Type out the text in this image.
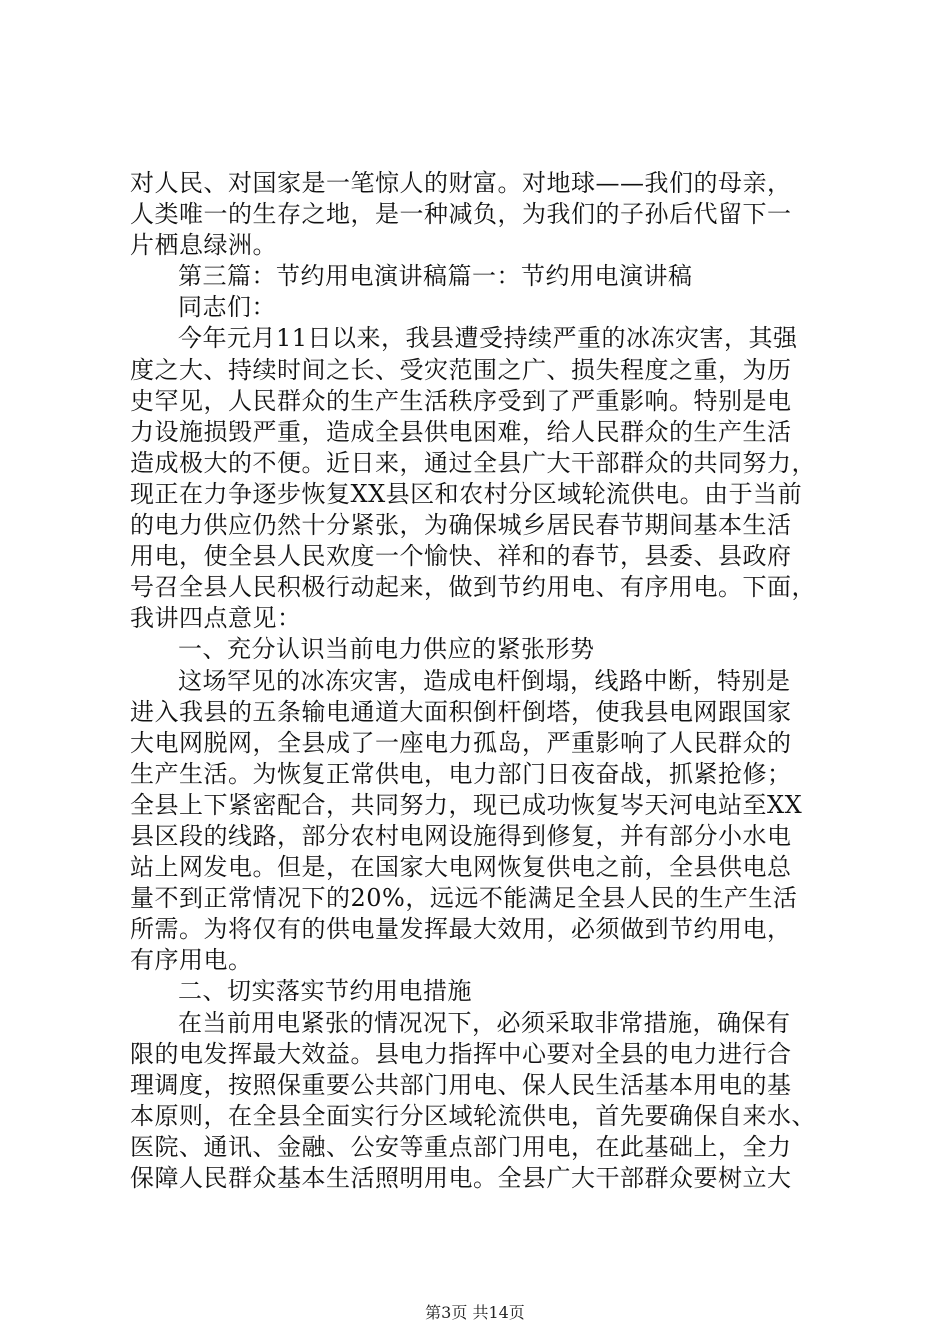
对人民、对国家是一笔惊人的财富。对地球——我们的母亲，
人类唯一的生存之地，是一种减负，为我们的子孙后代留下一
片栖息绿洲。
第三篇：节约用电演讲稿篇一：节约用电演讲稿
同志们：
今年元月11日以来，我县遭受持续严重的冰冻灾害，其强
度之大、持续时间之长、受灾范围之广、损失程度之重，为历
史罕见，人民群众的生产生活秩序受到了严重影响。特别是电
力设施损毁严重，造成全县供电困难，给人民群众的生产生活
造成极大的不便。近日来，通过全县广大干部群众的共同努力，
现正在力争逐步恢复XX县区和农村分区域轮流供电。由于当前
的电力供应仍然十分紧张，为确保城乡居民春节期间基本生活
用电，使全县人民欢度一个愉快、祥和的春节，县委、县政府
号召全县人民积极行动起来，做到节约用电、有序用电。下面，
我讲四点意见：
一、充分认识当前电力供应的紧张形势
这场罕见的冰冻灾害，造成电杆倒塌，线路中断，特别是
进入我县的五条输电通道大面积倒杆倒塔，使我县电网跟国家
大电网脱网，全县成了一座电力孤岛，严重影响了人民群众的
生产生活。为恢复正常供电，电力部门日夜奋战，抓紧抢修；
全县上下紧密配合，共同努力，现已成功恢复岑天河电站至XX
县区段的线路，部分农村电网设施得到修复，并有部分小水电
站上网发电。但是，在国家大电网恢复供电之前，全县供电总
量不到正常情况下的20%，远远不能满足全县人民的生产生活
所需。为将仅有的供电量发挥最大效用，必须做到节约用电，
有序用电。
二、切实落实节约用电措施
在当前用电紧张的情况况下，必须采取非常措施，确保有
限的电发挥最大效益。县电力指挥中心要对全县的电力进行合
理调度，按照保重要公共部门用电、保人民生活基本用电的基
本原则，在全县全面实行分区域轮流供电，首先要确保自来水、
医院、通讯、金融、公安等重点部门用电，在此基础上，全力
保障人民群众基本生活照明用电。全县广大干部群众要树立大
第3页 共14页
